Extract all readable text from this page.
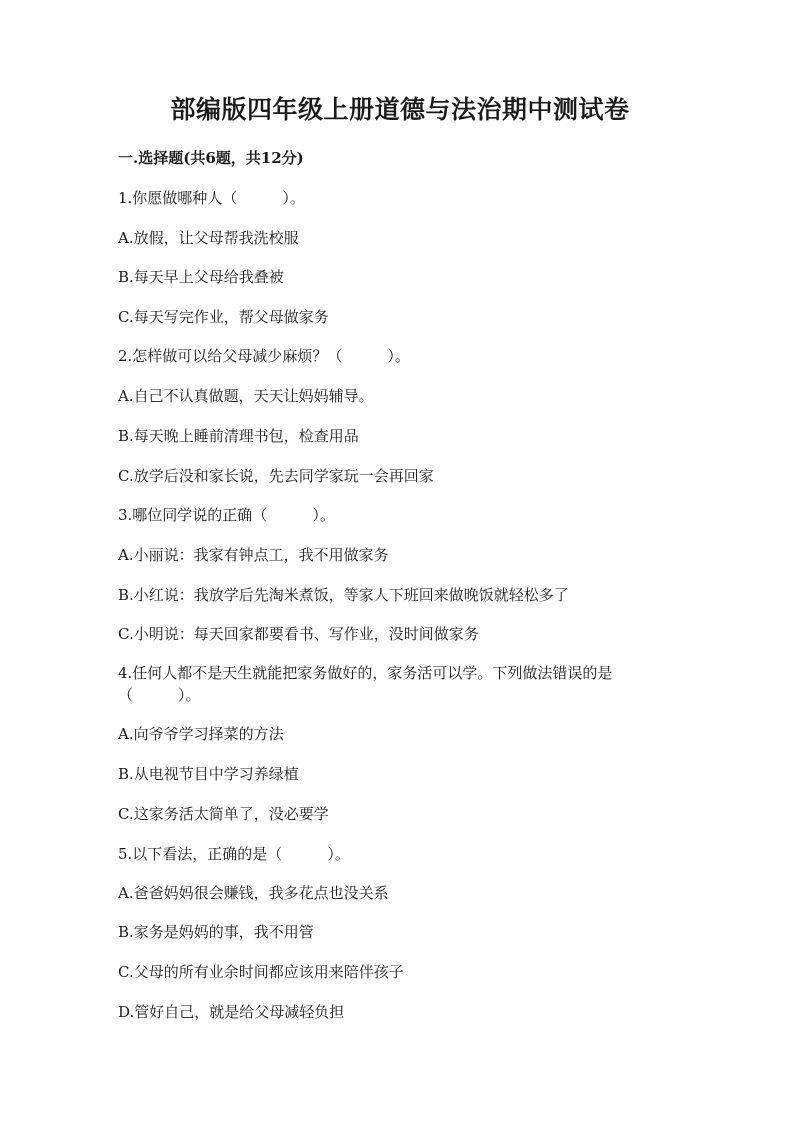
部编版四年级上册道德与法治期中测试卷
一.选择题(共6题，共12分)
1.你愿做哪种人（　　　）。
A.放假，让父母帮我洗校服
B.每天早上父母给我叠被
C.每天写完作业，帮父母做家务
2.怎样做可以给父母减少麻烦？（　　　）。
A.自己不认真做题，天天让妈妈辅导。
B.每天晚上睡前清理书包，检查用品
C.放学后没和家长说，先去同学家玩一会再回家
3.哪位同学说的正确（　　　）。
A.小丽说：我家有钟点工，我不用做家务
B.小红说：我放学后先淘米煮饭，等家人下班回来做晚饭就轻松多了
C.小明说：每天回家都要看书、写作业，没时间做家务
4.任何人都不是天生就能把家务做好的，家务活可以学。下列做法错误的是
（　　　）。
A.向爷爷学习择菜的方法
B.从电视节目中学习养绿植
C.这家务活太简单了，没必要学
5.以下看法，正确的是（　　　）。
A.爸爸妈妈很会赚钱，我多花点也没关系
B.家务是妈妈的事，我不用管
C.父母的所有业余时间都应该用来陪伴孩子
D.管好自己，就是给父母减轻负担
